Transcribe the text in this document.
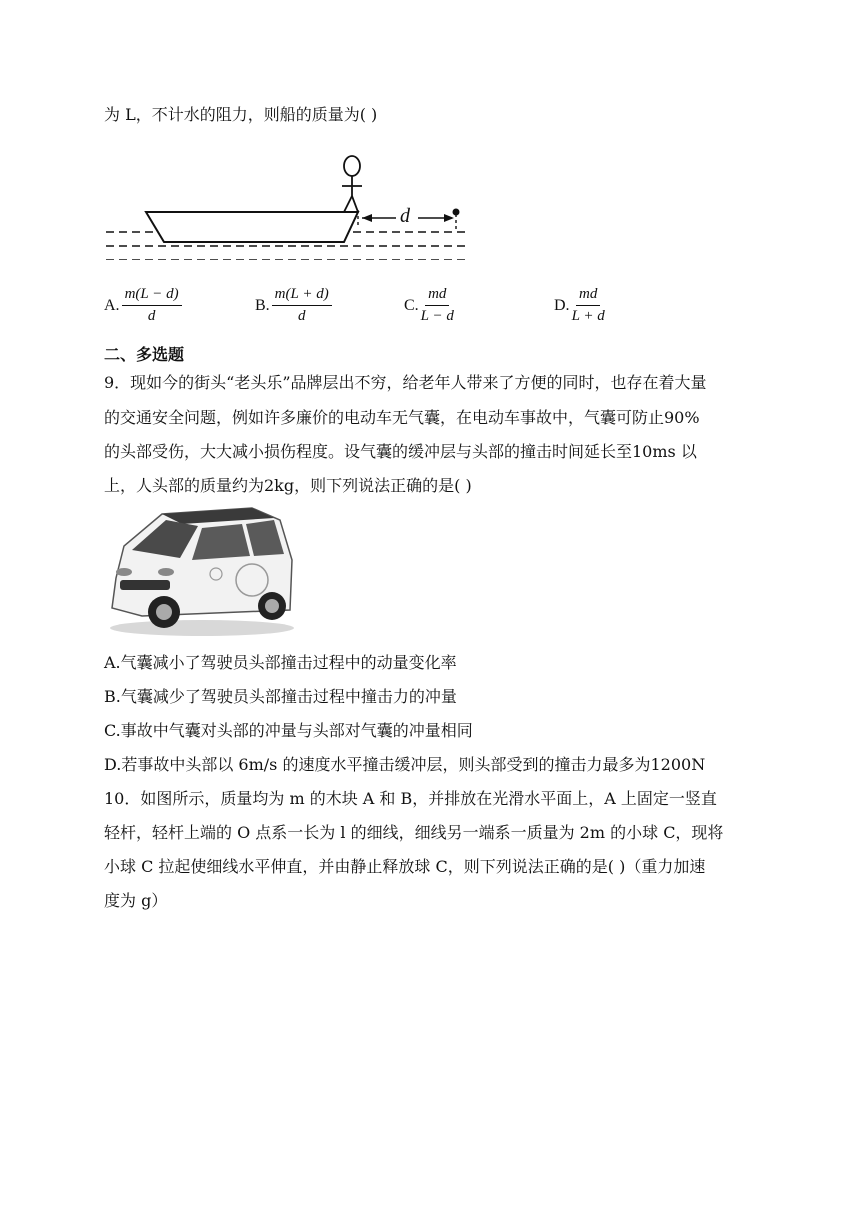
为 L，不计水的阻力，则船的质量为( )
d
A. $\frac{m(L - d)}{d}$	B. $\frac{m(L + d)}{d}$	C. $\frac{md}{L - d}$	D. $\frac{md}{L + d}$
二、多选题
9．现如今的街头“老头乐”品牌层出不穷，给老年人带来了方便的同时，也存在着大量
的交通安全问题，例如许多廉价的电动车无气囊，在电动车事故中，气囊可防止90%
的头部受伤，大大减小损伤程度。设气囊的缓冲层与头部的撞击时间延长至10ms 以
上，人头部的质量约为2kg，则下列说法正确的是( )
A.气囊减小了驾驶员头部撞击过程中的动量变化率
B.气囊减少了驾驶员头部撞击过程中撞击力的冲量
C.事故中气囊对头部的冲量与头部对气囊的冲量相同
D.若事故中头部以 6m/s 的速度水平撞击缓冲层，则头部受到的撞击力最多为1200N
10．如图所示，质量均为 m 的木块 A 和 B，并排放在光滑水平面上，A 上固定一竖直
轻杆，轻杆上端的 O 点系一长为 l 的细线，细线另一端系一质量为 2m 的小球 C，现将
小球 C 拉起使细线水平伸直，并由静止释放球 C，则下列说法正确的是( )（重力加速
度为 g）
